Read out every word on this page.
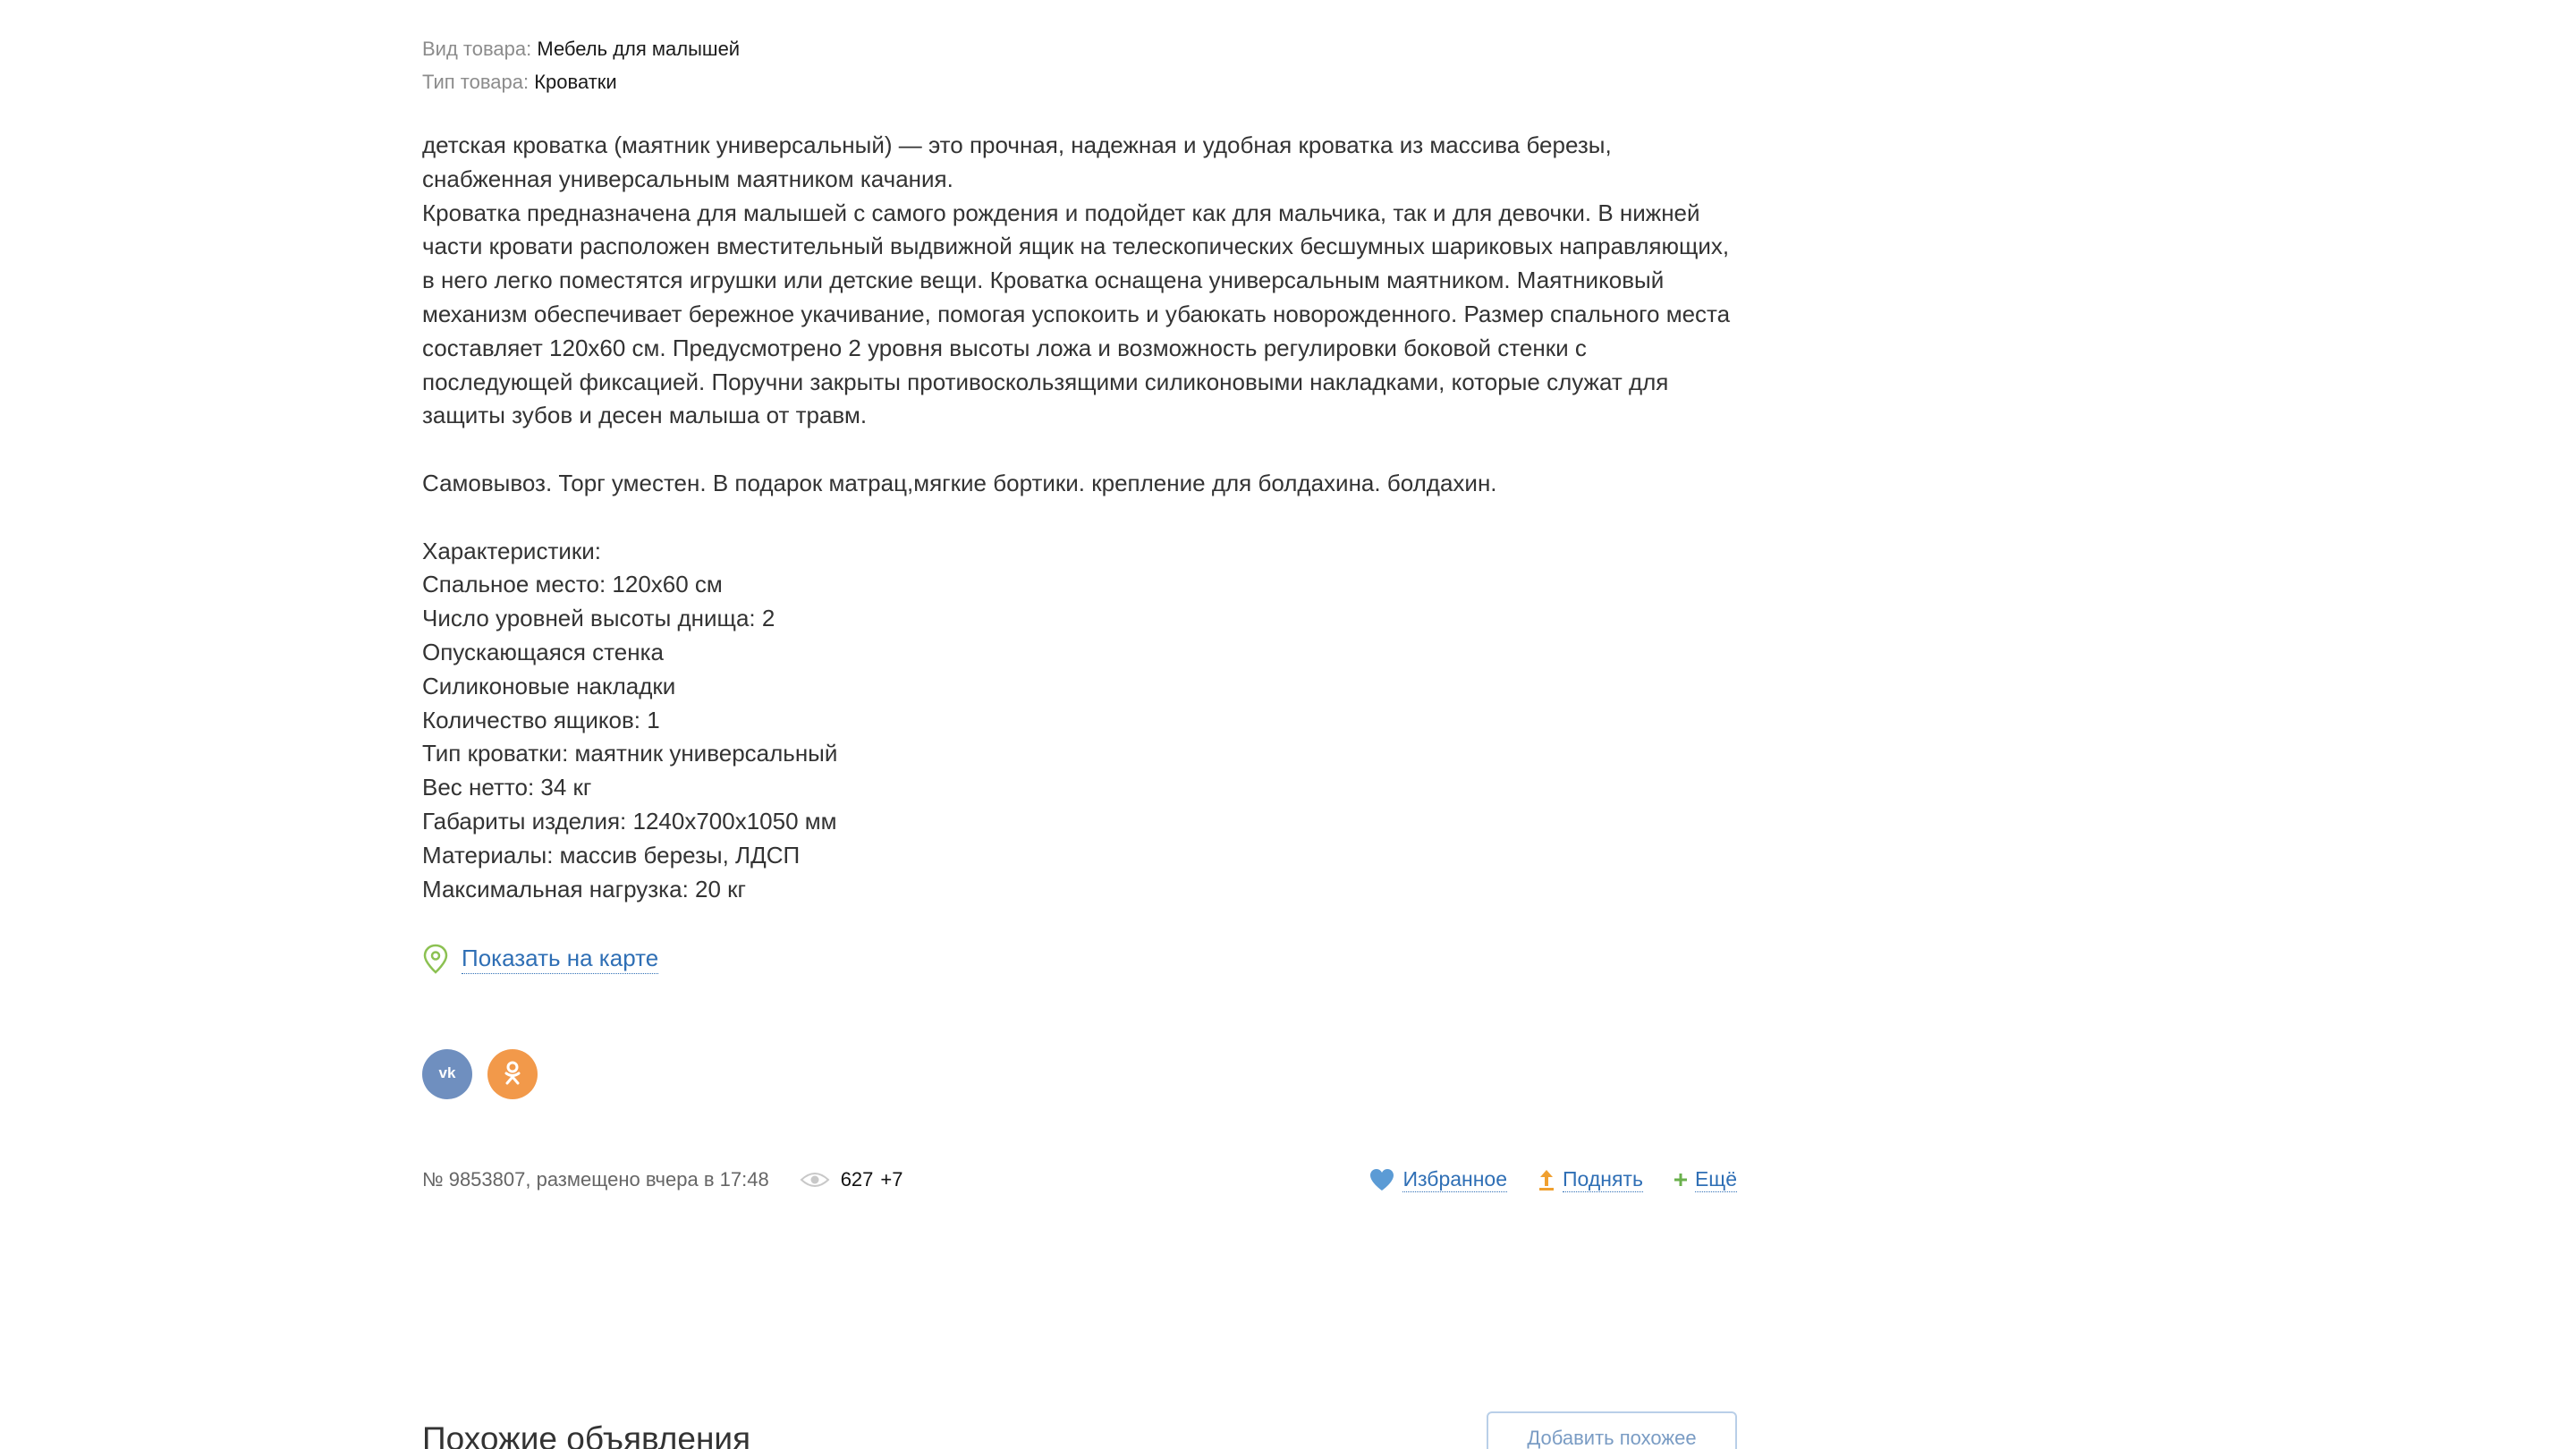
Вид товара: Мебель для малышей
Тип товара: Кроватки

детская кроватка (маятник универсальный) — это прочная, надежная и удобная кроватка из массива березы, снабженная универсальным маятником качания.

Кроватка предназначена для малышей с самого рождения и подойдет как для мальчика, так и для девочки. В нижней части кровати расположен вместительный выдвижной ящик на телескопических бесшумных шариковых направляющих, в него легко поместятся игрушки или детские вещи. Кроватка оснащена универсальным маятником. Маятниковый механизм обеспечивает бережное укачивание, помогая успокоить и убаюкать новорожденного. Размер спального места составляет 120х60 см. Предусмотрено 2 уровня высоты ложа и возможность регулировки боковой стенки с последующей фиксацией. Поручни закрыты противоскользящими силиконовыми накладками, которые служат для защиты зубов и десен малыша от травм.

Самовывоз. Торг уместен. В подарок матрац,мягкие бортики. крепление для болдахина. болдахин.

Характеристики:

Спальное место: 120х60 см

Число уровней высоты днища: 2

Опускающаяся стенка

Силиконовые накладки

Количество ящиков: 1

Тип кроватки: маятник универсальный

Вес нетто: 34 кг

Габариты изделия: 1240х700х1050 мм

Материалы: массив березы, ЛДСП

Максимальная нагрузка: 20 кг

Показать на карте
vk
№ 9853807, размещено вчера в 17:48	627 +7	Избранное	Поднять	Ещё
Похожие объявления	Добавить похожее
